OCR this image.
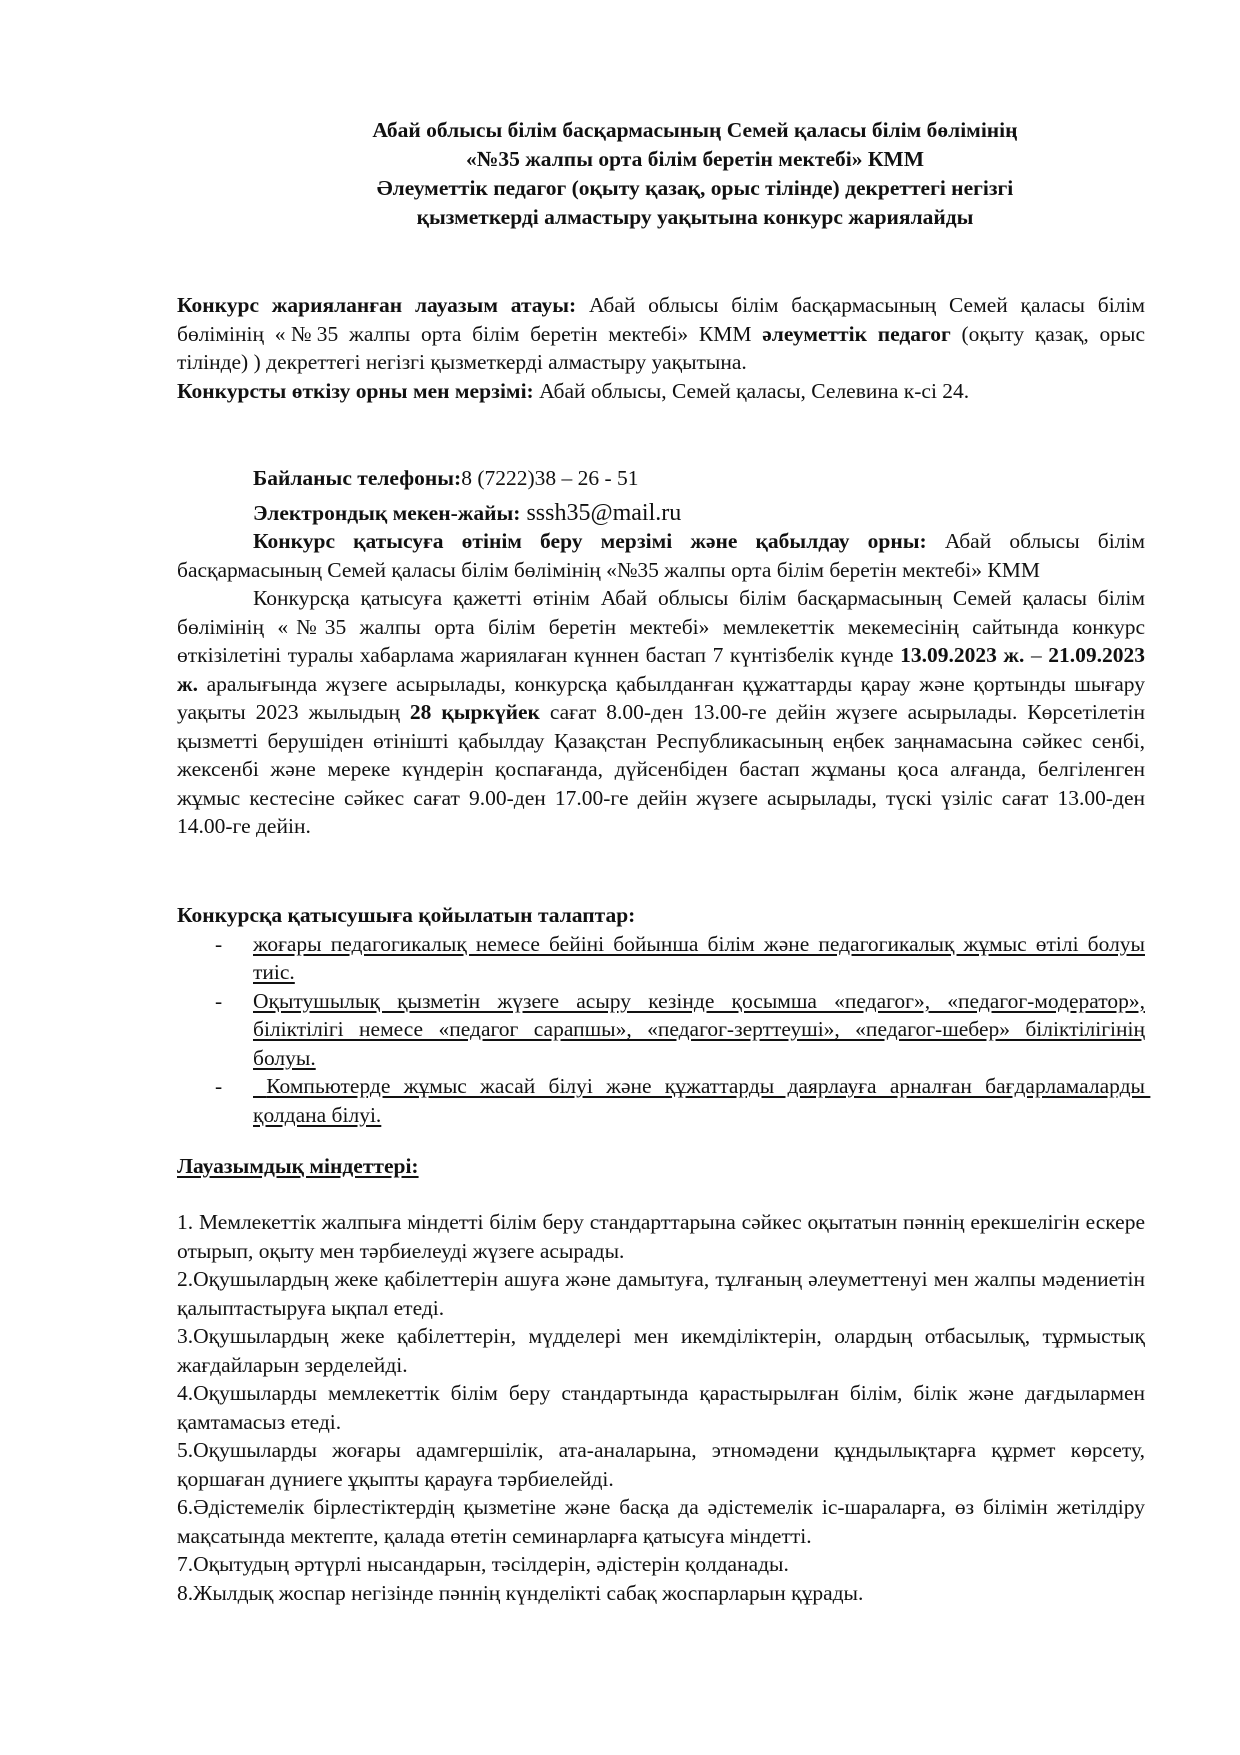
Абай облысы білім басқармасының Семей қаласы білім бөлімінің
«№35 жалпы орта білім беретін мектебі» КММ
Әлеуметтік педагог (оқыту қазақ, орыс тілінде) декреттегі негізгі
қызметкерді алмастыру уақытына конкурс жариялайды
Конкурс жарияланған лауазым атауы: Абай облысы білім басқармасының Семей қаласы білім бөлімінің «№35 жалпы орта білім беретін мектебі» КММ әлеуметтік педагог (оқыту қазақ, орыс тілінде) ) декреттегі негізгі қызметкерді алмастыру уақытына.
Конкурсты өткізу орны мен мерзімі: Абай облысы, Семей қаласы, Селевина к-сі 24.
Байланыс телефоны:8 (7222)38 – 26 - 51
Электрондық мекен-жайы: sssh35@mail.ru
Конкурс қатысуға өтінім беру мерзімі және қабылдау орны: Абай облысы білім басқармасының Семей қаласы білім бөлімінің «№35 жалпы орта білім беретін мектебі» КММ
Конкурсқа қатысуға қажетті өтінім Абай облысы білім басқармасының Семей қаласы білім бөлімінің «№35 жалпы орта білім беретін мектебі» мемлекеттік мекемесінің сайтында конкурс өткізілетіні туралы хабарлама жариялаған күннен бастап 7 күнтізбелік күнде 13.09.2023 ж. – 21.09.2023 ж. аралығында жүзеге асырылады, конкурсқа қабылданған құжаттарды қарау және қортынды шығару уақыты 2023 жылыдың 28 қыркүйек сағат 8.00-ден 13.00-ге дейін жүзеге асырылады. Көрсетілетін қызметті берушіден өтінішті қабылдау Қазақстан Республикасының еңбек заңнамасына сәйкес сенбі, жексенбі және мереке күндерін қоспағанда, дүйсенбіден бастап жұманы қоса алғанда, белгіленген жұмыс кестесіне сәйкес сағат 9.00-ден 17.00-ге дейін жүзеге асырылады, түскі үзіліс сағат 13.00-ден 14.00-ге дейін.
Конкурсқа қатысушыға қойылатын талаптар:
- жоғары педагогикалық немесе бейіні бойынша білім және педагогикалық жұмыс өтілі болуы тиіс.
- Оқытушылық қызметін жүзеге асыру кезінде қосымша «педагог», «педагог-модератор», біліктілігі немесе «педагог сарапшы», «педагог-зерттеуші», «педагог-шебер» біліктілігінің болуы.
- Компьютерде жұмыс жасай білуі және құжаттарды даярлауға арналған бағдарламаларды қолдана білуі.
Лауазымдық міндеттері:
1. Мемлекеттік жалпыға міндетті білім беру стандарттарына сәйкес оқытатын пәннің ерекшелігін ескере отырып, оқыту мен тәрбиелеуді жүзеге асырады.
2.Оқушылардың жеке қабілеттерін ашуға және дамытуға, тұлғаның әлеуметтенуі мен жалпы мәдениетін қалыптастыруға ықпал етеді.
3.Оқушылардың жеке қабілеттерін, мүдделері мен икемділіктерін, олардың отбасылық, тұрмыстық жағдайларын зерделейді.
4.Оқушыларды мемлекеттік білім беру стандартында қарастырылған білім, білік және дағдылармен қамтамасыз етеді.
5.Оқушыларды жоғары адамгершілік, ата-аналарына, этномәдени құндылықтарға құрмет көрсету, қоршаған дүниеге ұқыпты қарауға тәрбиелейді.
6.Әдістемелік бірлестіктердің қызметіне және басқа да әдістемелік іс-шараларға, өз білімін жетілдіру мақсатында мектепте, қалада өтетін семинарларға қатысуға міндетті.
7.Оқытудың әртүрлі нысандарын, тәсілдерін, әдістерін қолданады.
8.Жылдық жоспар негізінде пәннің күнделікті сабақ жоспарларын құрады.
